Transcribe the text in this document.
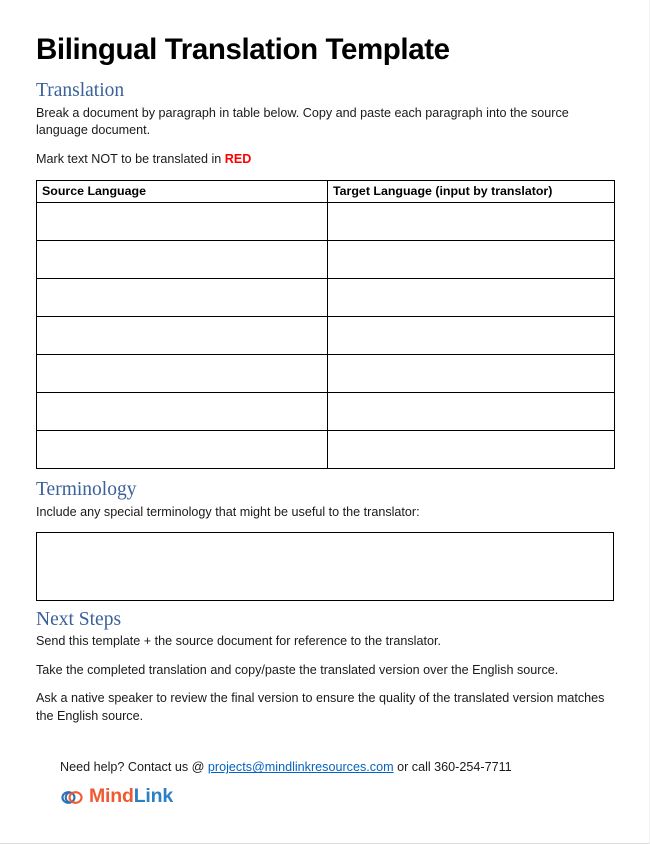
Bilingual Translation Template
Translation

Break a document by paragraph in table below. Copy and paste each paragraph into the source language document.

Mark text NOT to be translated in RED

Source Language	Target Language (input by translator)

Terminology

Include any special terminology that might be useful to the translator:

Next Steps

Send this template + the source document for reference to the translator.

Take the completed translation and copy/paste the translated version over the English source.

Ask a native speaker to review the final version to ensure the quality of the translated version matches the English source.

Need help? Contact us @ projects@mindlinkresources.com or call 360-254-7711

MindLink
